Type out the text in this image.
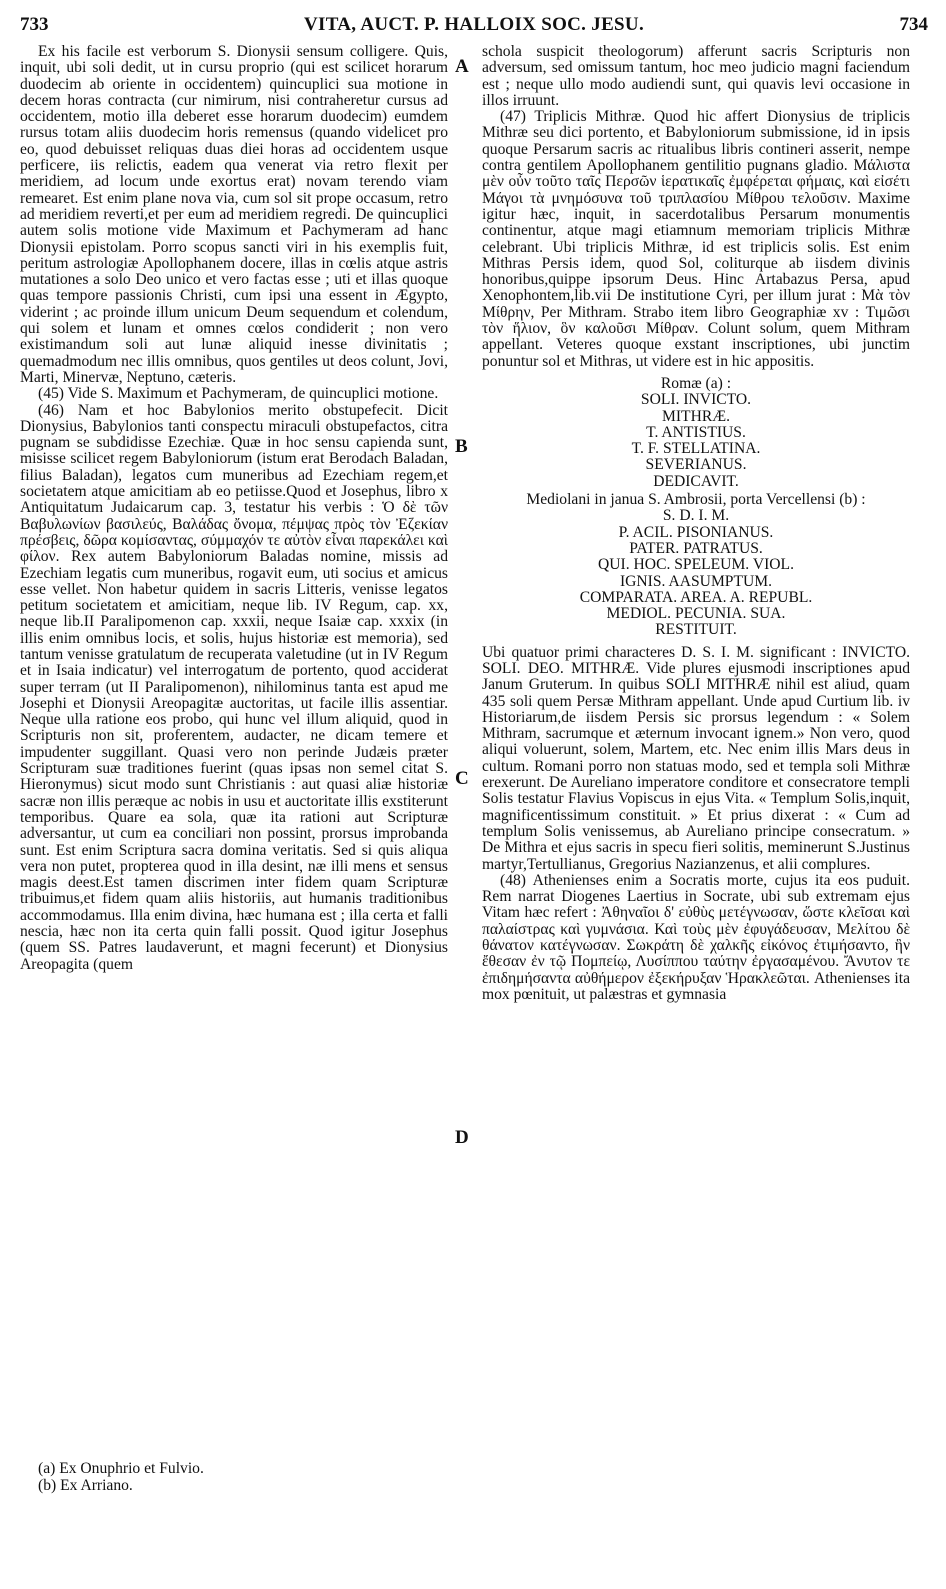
733	VITA, AUCT. P. HALLOIX SOC. JESU.	734
A
B
C
D

Ex his facile est verborum S. Dionysii sensum colligere. Quis, inquit, ubi soli dedit, ut in cursu proprio (qui est scilicet horarum duodecim ab oriente in occidentem) quincuplici sua motione in decem horas contracta (cur nimirum, nisi contraheretur cursus ad occidentem, motio illa deberet esse horarum duodecim) eumdem rursus totam aliis duodecim horis remensus (quando videlicet pro eo, quod debuisset reliquas duas diei horas ad occidentem usque perficere, iis relictis, eadem qua venerat via retro flexit per meridiem, ad locum unde exortus erat) novam terendo viam remearet. Est enim plane nova via, cum sol sit prope occasum, retro ad meridiem reverti,et per eum ad meridiem regredi. De quincuplici autem solis motione vide Maximum et Pachymeram ad hanc Dionysii epistolam. Porro scopus sancti viri in his exemplis fuit, peritum astrologiæ Apollophanem docere, illas in cœlis atque astris mutationes a solo Deo unico et vero factas esse ; uti et illas quoque quas tempore passionis Christi, cum ipsi una essent in Ægypto, viderint ; ac proinde illum unicum Deum sequendum et colendum, qui solem et lunam et omnes cœlos condiderit ; non vero existimandum soli aut lunæ aliquid inesse divinitatis ; quemadmodum nec illis omnibus, quos gentiles ut deos colunt, Jovi, Marti, Minervæ, Neptuno, cæteris.

(45) Vide S. Maximum et Pachymeram, de quincuplici motione.

(46) Nam et hoc Babylonios merito obstupefecit. Dicit Dionysius, Babylonios tanti conspectu miraculi obstupefactos, citra pugnam se subdidisse Ezechiæ. Quæ in hoc sensu capienda sunt, misisse scilicet regem Babyloniorum (istum erat Berodach Baladan, filius Baladan), legatos cum muneribus ad Ezechiam regem,et societatem atque amicitiam ab eo petiisse.Quod et Josephus, libro x Antiquitatum Judaicarum cap. 3, testatur his verbis : Ὁ δὲ τῶν Βαβυλωνίων βασιλεύς, Βαλάδας ὄνομα, πέμψας πρὸς τὸν Ἐζεκίαν πρέσβεις, δῶρα κομίσαντας, σύμμαχόν τε αὐτὸν εἶναι παρεκάλει καὶ φίλον. Rex autem Babyloniorum Baladas nomine, missis ad Ezechiam legatis cum muneribus, rogavit eum, uti socius et amicus esse vellet. Non habetur quidem in sacris Litteris, venisse legatos petitum societatem et amicitiam, neque lib. IV Regum, cap. xx, neque lib.II Paralipomenon cap. xxxii, neque Isaiæ cap. xxxix (in illis enim omnibus locis, et solis, hujus historiæ est memoria), sed tantum venisse gratulatum de recuperata valetudine (ut in IV Regum et in Isaia indicatur) vel interrogatum de portento, quod acciderat super terram (ut II Paralipomenon), nihilominus tanta est apud me Josephi et Dionysii Areopagitæ auctoritas, ut facile illis assentiar. Neque ulla ratione eos probo, qui hunc vel illum aliquid, quod in Scripturis non sit, proferentem, audacter, ne dicam temere et impudenter suggillant. Quasi vero non perinde Judæis præter Scripturam suæ traditiones fuerint (quas ipsas non semel citat S. Hieronymus) sicut modo sunt Christianis : aut quasi aliæ historiæ sacræ non illis peræque ac nobis in usu et auctoritate illis exstiterunt temporibus. Quare ea sola, quæ ita rationi aut Scripturæ adversantur, ut cum ea conciliari non possint, prorsus improbanda sunt. Est enim Scriptura sacra domina veritatis. Sed si quis aliqua vera non putet, propterea quod in illa desint, næ illi mens et sensus magis deest.Est tamen discrimen inter fidem quam Scripturæ tribuimus,et fidem quam aliis historiis, aut humanis traditionibus accommodamus. Illa enim divina, hæc humana est ; illa certa et falli nescia, hæc non ita certa quin falli possit. Quod igitur Josephus (quem SS. Patres laudaverunt, et magni fecerunt) et Dionysius Areopagita (quem

schola suspicit theologorum) afferunt sacris Scripturis non adversum, sed omissum tantum, hoc meo judicio magni faciendum est ; neque ullo modo audiendi sunt, qui quavis levi occasione in illos irruunt.

(47) Triplicis Mithræ. Quod hic affert Dionysius de triplicis Mithræ seu dici portento, et Babyloniorum submissione, id in ipsis quoque Persarum sacris ac ritualibus libris contineri asserit, nempe contra gentilem Apollophanem gentilitio pugnans gladio. Μάλιστα μὲν οὖν τοῦτο ταῖς Περσῶν ἱερατικαῖς ἐμφέρεται φήμαις, καὶ εἰσέτι Μάγοι τὰ μνημόσυνα τοῦ τριπλασίου Μίθρου τελοῦσιν. Maxime igitur hæc, inquit, in sacerdotalibus Persarum monumentis continentur, atque magi etiamnum memoriam triplicis Mithræ celebrant. Ubi triplicis Mithræ, id est triplicis solis. Est enim Mithras Persis idem, quod Sol, coliturque ab iisdem divinis honoribus,quippe ipsorum Deus. Hinc Artabazus Persa, apud Xenophontem,lib.vii De institutione Cyri, per illum jurat : Μὰ τὸν Μίθρην, Per Mithram. Strabo item libro Geographiæ xv : Τιμῶσι τὸν ἥλιον, ὃν καλοῦσι Μίθραν. Colunt solum, quem Mithram appellant. Veteres quoque exstant inscriptiones, ubi junctim ponuntur sol et Mithras, ut videre est in hic appositis.

Romæ (a) :
SOLI. INVICTO.
MITHRÆ.
T. ANTISTIUS.
T. F. STELLATINA.
SEVERIANUS.
DEDICAVIT.
Mediolani in janua S. Ambrosii, porta Vercellensi (b) :
S. D. I. M.
P. ACIL. PISONIANUS.
PATER. PATRATUS.
QUI. HOC. SPELEUM. VIOL.
IGNIS. AASUMPTUM.
COMPARATA. AREA. A. REPUBL.
MEDIOL. PECUNIA. SUA.
RESTITUIT.

Ubi quatuor primi characteres D. S. I. M. significant : INVICTO. SOLI. DEO. MITHRÆ. Vide plures ejusmodi inscriptiones apud Janum Gruterum. In quibus SOLI MITHRÆ nihil est aliud, quam 435 soli quem Persæ Mithram appellant. Unde apud Curtium lib. iv Historiarum,de iisdem Persis sic prorsus legendum : « Solem Mithram, sacrumque et æternum invocant ignem.» Non vero, quod aliqui voluerunt, solem, Martem, etc. Nec enim illis Mars deus in cultum. Romani porro non statuas modo, sed et templa soli Mithræ erexerunt. De Aureliano imperatore conditore et consecratore templi Solis testatur Flavius Vopiscus in ejus Vita. « Templum Solis,inquit, magnificentissimum constituit. » Et prius dixerat : « Cum ad templum Solis venissemus, ab Aureliano principe consecratum. » De Mithra et ejus sacris in specu fieri solitis, meminerunt S.Justinus martyr,Tertullianus, Gregorius Nazianzenus, et alii complures.

(48) Athenienses enim a Socratis morte, cujus ita eos puduit. Rem narrat Diogenes Laertius in Socrate, ubi sub extremam ejus Vitam hæc refert : Ἀθηναῖοι δ' εὐθὺς μετέγνωσαν, ὥστε κλεῖσαι καὶ παλαίστρας καὶ γυμνάσια. Καὶ τοὺς μὲν ἐφυγάδευσαν, Μελίτου δὲ θάνατον κατέγνωσαν. Σωκράτη δὲ χαλκῆς εἰκόνος ἐτιμήσαντο, ἣν ἔθεσαν ἐν τῷ Πομπείῳ, Λυσίππου ταύτην ἐργασαμένου. Ἄνυτον τε ἐπιδημήσαντα αὐθήμερον ἐξεκήρυξαν Ἡρακλεῶται. Athenienses ita mox pœnituit, ut palæstras et gymnasia

(a) Ex Onuphrio et Fulvio.
(b) Ex Arriano.
